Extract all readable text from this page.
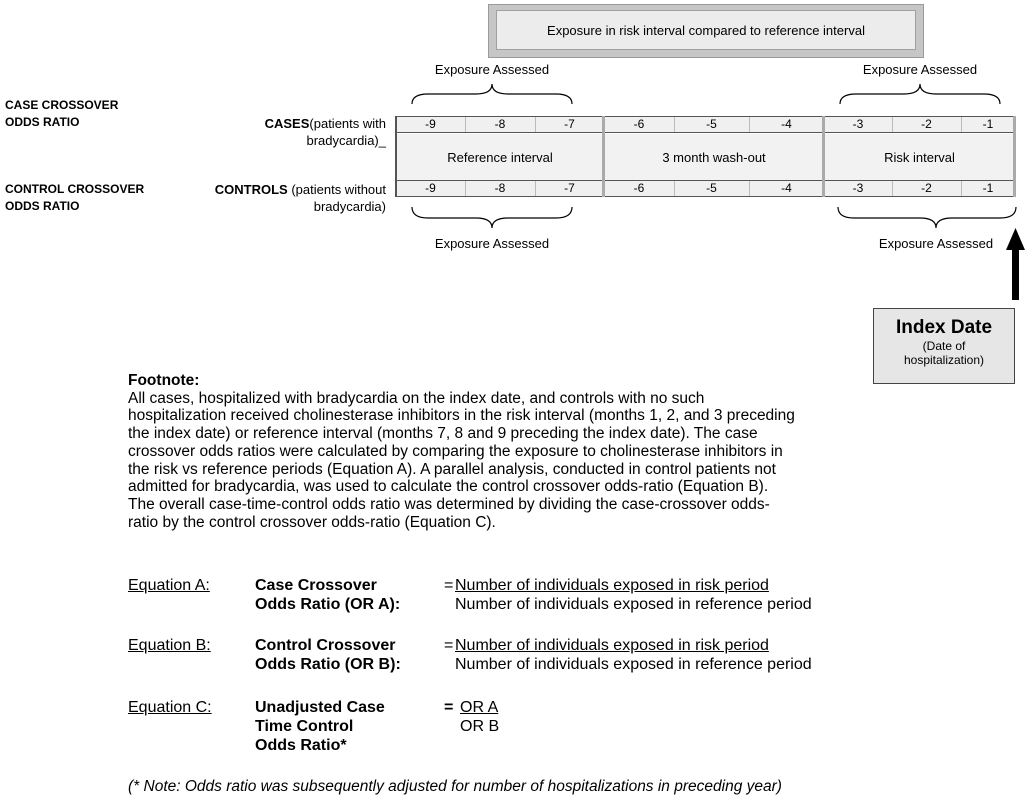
Exposure in risk interval compared to reference interval
Exposure Assessed	Exposure Assessed
CASE CROSSOVER
ODDS RATIO
CONTROL CROSSOVER
ODDS RATIO
CASES(patients with
bradycardia)_
CONTROLS (patients without
bradycardia)
Reference interval	3 month wash-out	Risk interval
-9	-8	-7	-6	-5	-4	-3	-2	-1
-9	-8	-7	-6	-5	-4	-3	-2	-1
Exposure Assessed	Exposure Assessed
Index Date
(Date of
hospitalization)
Footnote:
All cases, hospitalized with bradycardia on the index date, and controls with no such
hospitalization received cholinesterase inhibitors in the risk interval (months 1, 2, and 3 preceding
the index date) or reference interval (months 7, 8 and 9 preceding the index date). The case
crossover odds ratios were calculated by comparing the exposure to cholinesterase inhibitors in
the risk vs reference periods (Equation A). A parallel analysis, conducted in control patients not
admitted for bradycardia, was used to calculate the control crossover odds-ratio (Equation B).
The overall case-time-control odds ratio was determined by dividing the case-crossover odds-
ratio by the control crossover odds-ratio (Equation C).
Equation A:	Case Crossover
Odds Ratio (OR A):
= Number of individuals exposed in risk period
Number of individuals exposed in reference period
Equation B:	Control Crossover
Odds Ratio (OR B):
= Number of individuals exposed in risk period
Number of individuals exposed in reference period
Equation C:	Unadjusted Case
Time Control
Odds Ratio*
= OR A
OR B
(* Note: Odds ratio was subsequently adjusted for number of hospitalizations in preceding year)
